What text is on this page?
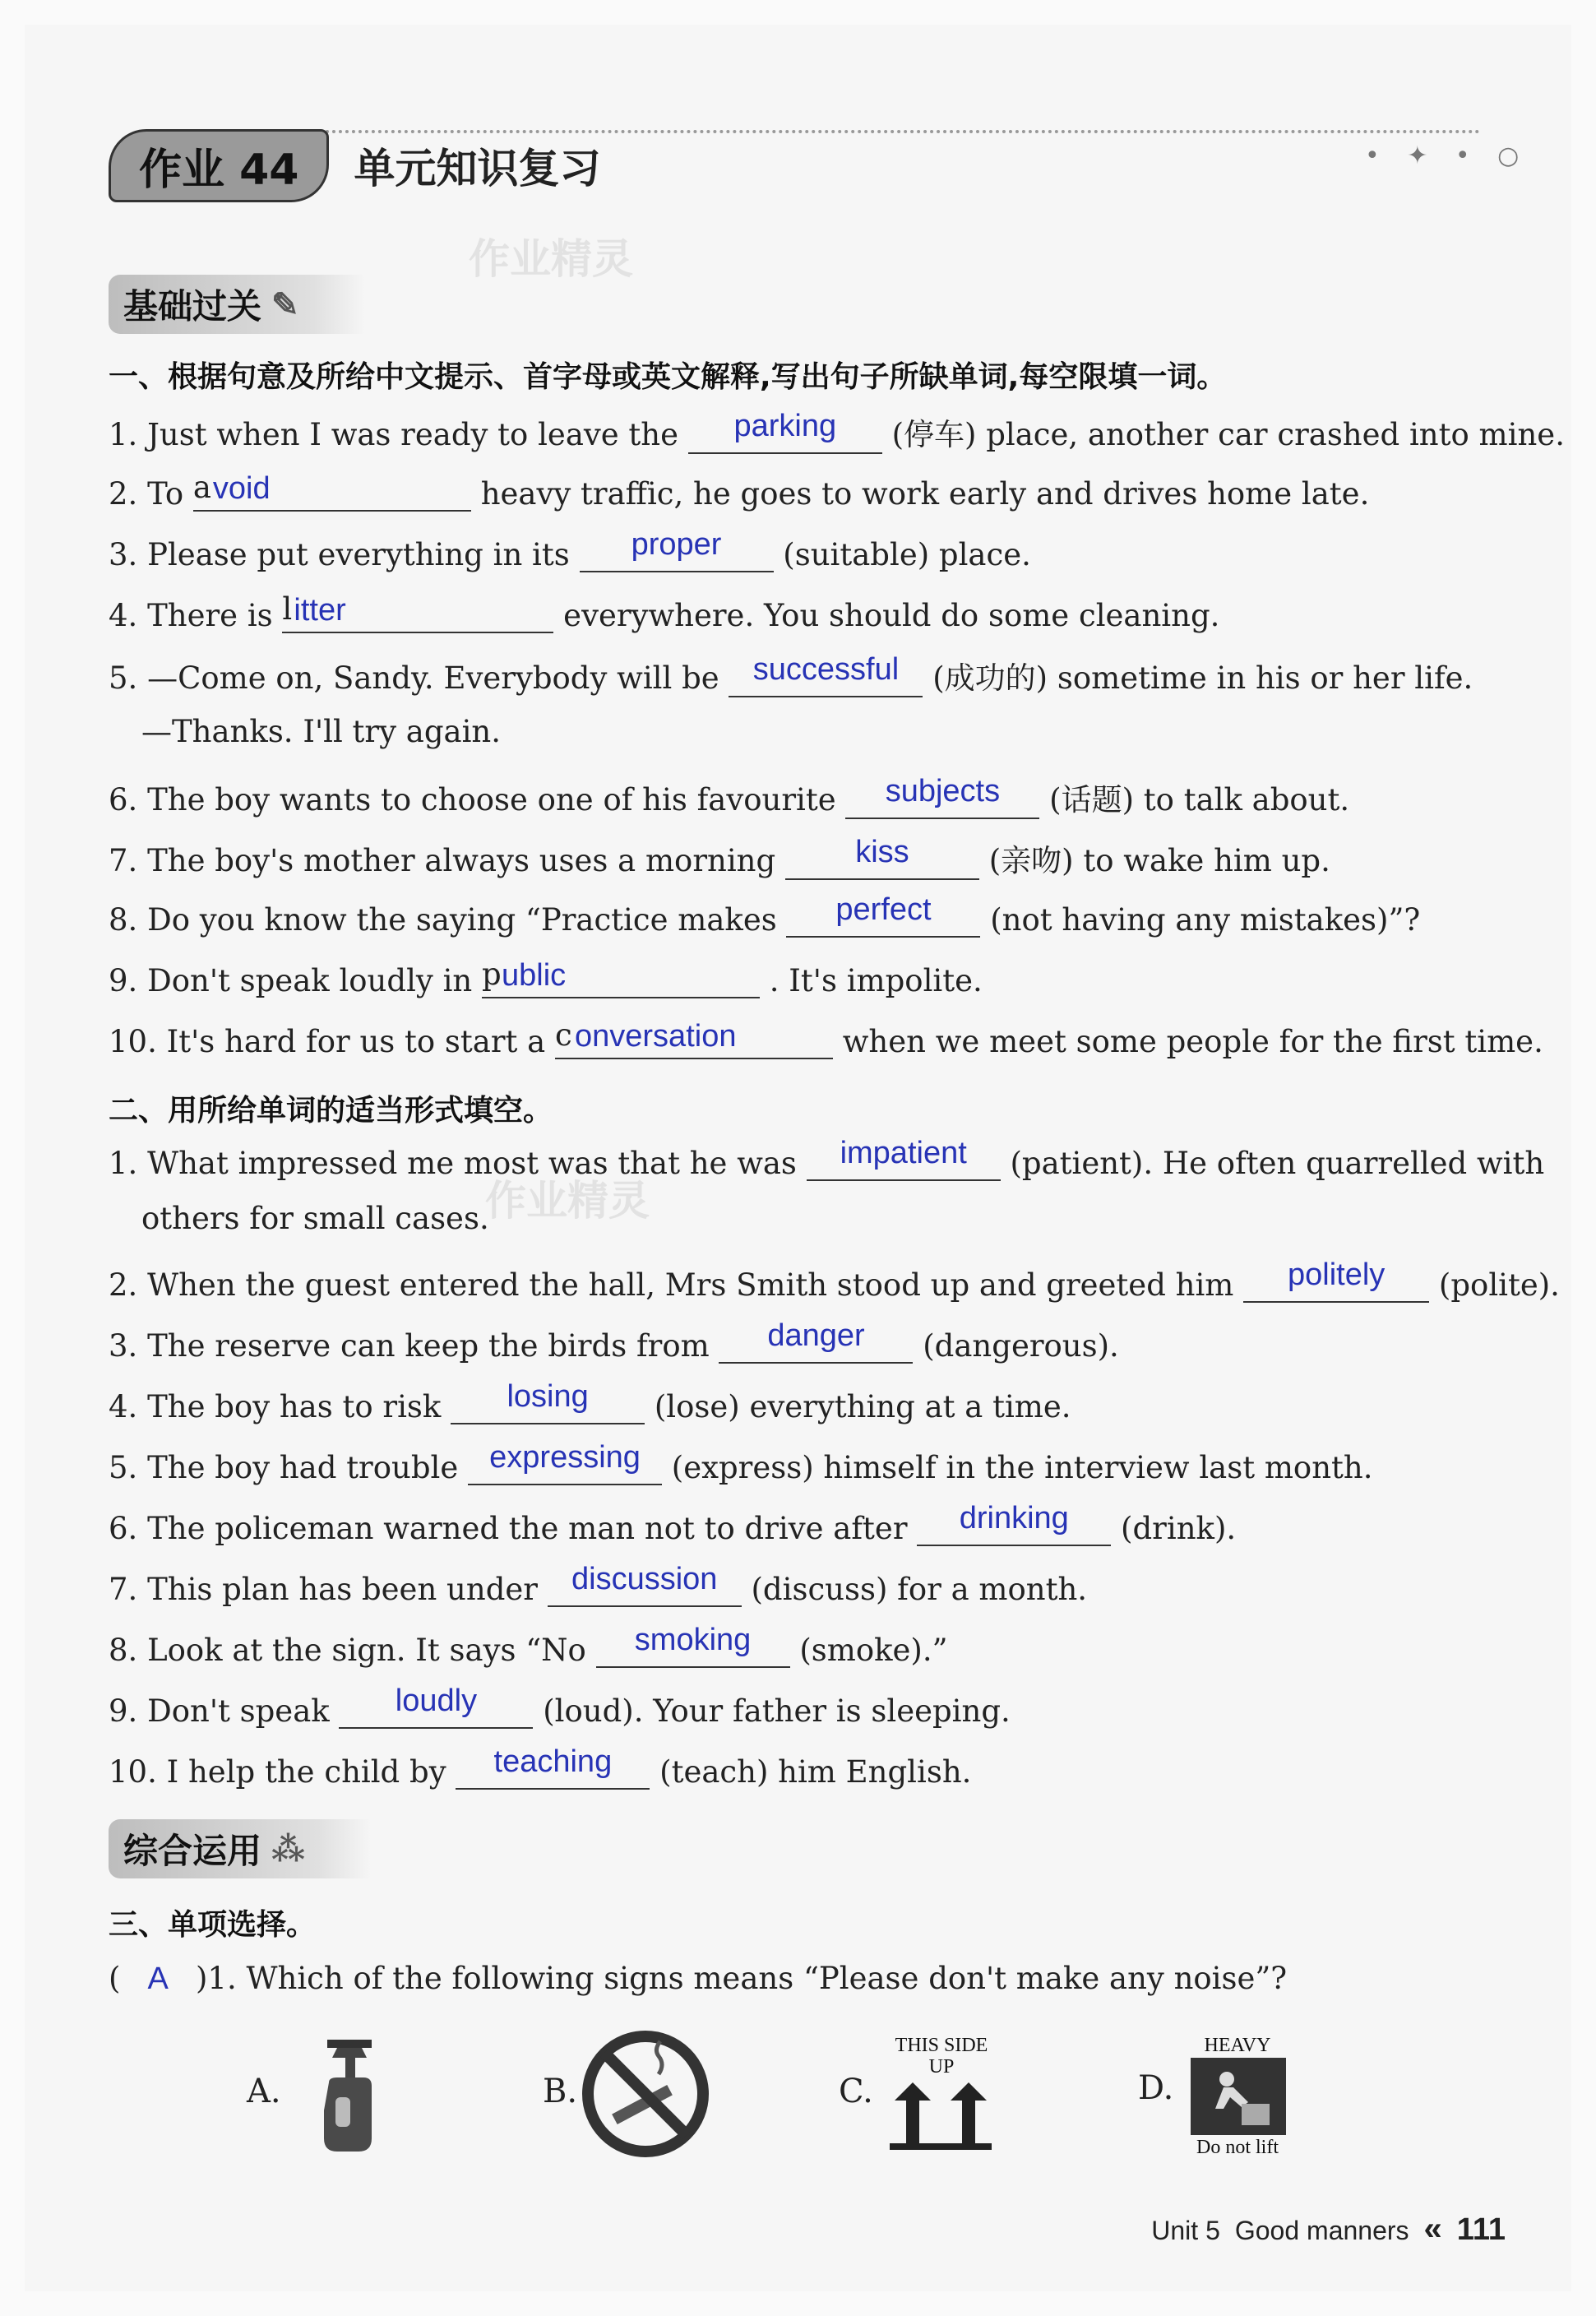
作业 44	单元知识复习	• ✦ • ○
作业精灵
基础过关 ✎
一、根据句意及所给中文提示、首字母或英文解释,写出句子所缺单词,每空限填一词。
1. Just when I was ready to leave the	parking	(停车) place, another car crashed into mine.
2. To a void	heavy traffic, he goes to work early and drives home late.
3. Please put everything in its	proper	(suitable) place.
4. There is l itter	everywhere. You should do some cleaning.
5. —Come on, Sandy. Everybody will be	successful	(成功的) sometime in his or her life.
—Thanks. I'll try again.
6. The boy wants to choose one of his favourite	subjects	(话题) to talk about.
7. The boy's mother always uses a morning	kiss	(亲吻) to wake him up.
8. Do you know the saying “Practice makes	perfect	(not having any mistakes)”?
9. Don't speak loudly in p ublic	. It's impolite.
10. It's hard for us to start a c onversation	when we meet some people for the first time.
二、用所给单词的适当形式填空。
作业精灵
1. What impressed me most was that he was	impatient	(patient). He often quarrelled with
others for small cases.
2. When the guest entered the hall, Mrs Smith stood up and greeted him	politely	(polite).
3. The reserve can keep the birds from	danger	(dangerous).
4. The boy has to risk	losing	(lose) everything at a time.
5. The boy had trouble expressing	(express) himself in the interview last month.
6. The policeman warned the man not to drive after	drinking	(drink).
7. This plan has been under	discussion	(discuss) for a month.
8. Look at the sign. It says “No	smoking	(smoke).”
9. Don't speak	loudly	(loud). Your father is sleeping.
10. I help the child by	teaching	(teach) him English.
综合运用 ⁂
三、单项选择。
( A )1. Which of the following signs means “Please don't make any noise”?
A.	B.	C.
THIS SIDE
UP
D.
HEAVY
Do not lift
Unit 5 Good manners « 111
